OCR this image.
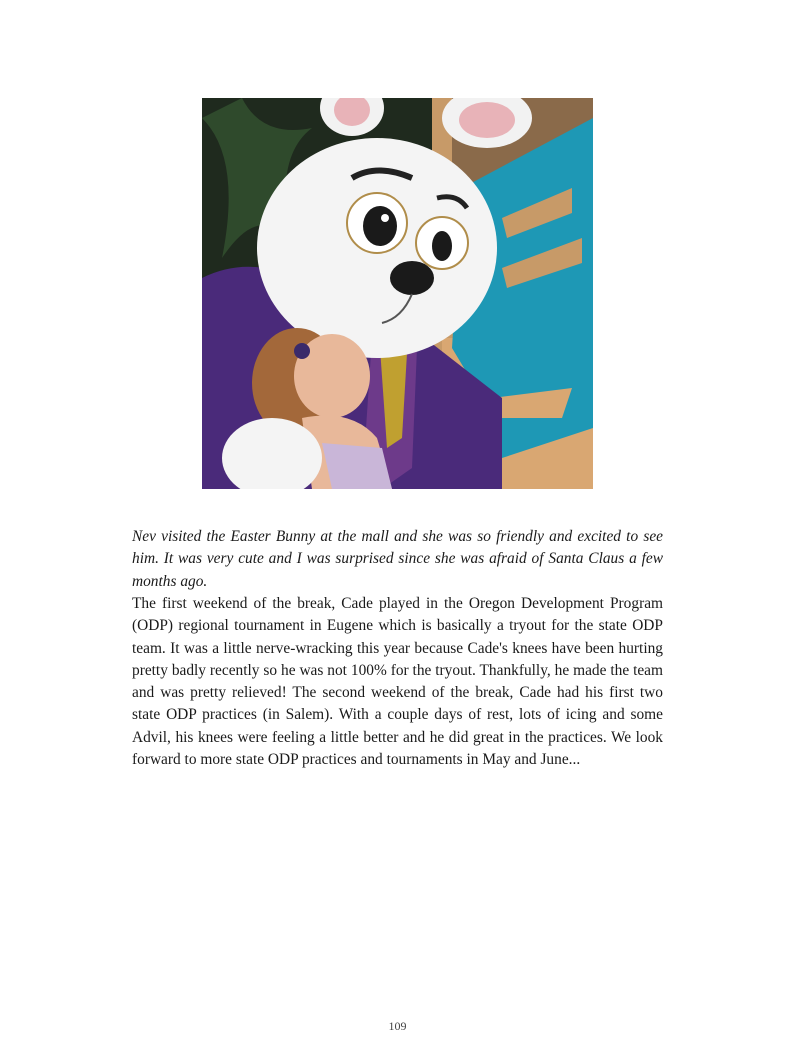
Nev visited the Easter Bunny at the mall and she was so friendly and excited to see him. It was very cute and I was surprised since she was afraid of Santa Claus a few months ago.

The first weekend of the break, Cade played in the Oregon Development Program (ODP) regional tournament in Eugene which is basically a tryout for the state ODP team. It was a little nerve-wracking this year because Cade's knees have been hurting pretty badly recently so he was not 100% for the tryout. Thankfully, he made the team and was pretty relieved! The second weekend of the break, Cade had his first two state ODP practices (in Salem). With a couple days of rest, lots of icing and some Advil, his knees were feeling a little better and he did great in the practices. We look forward to more state ODP practices and tournaments in May and June...

109
